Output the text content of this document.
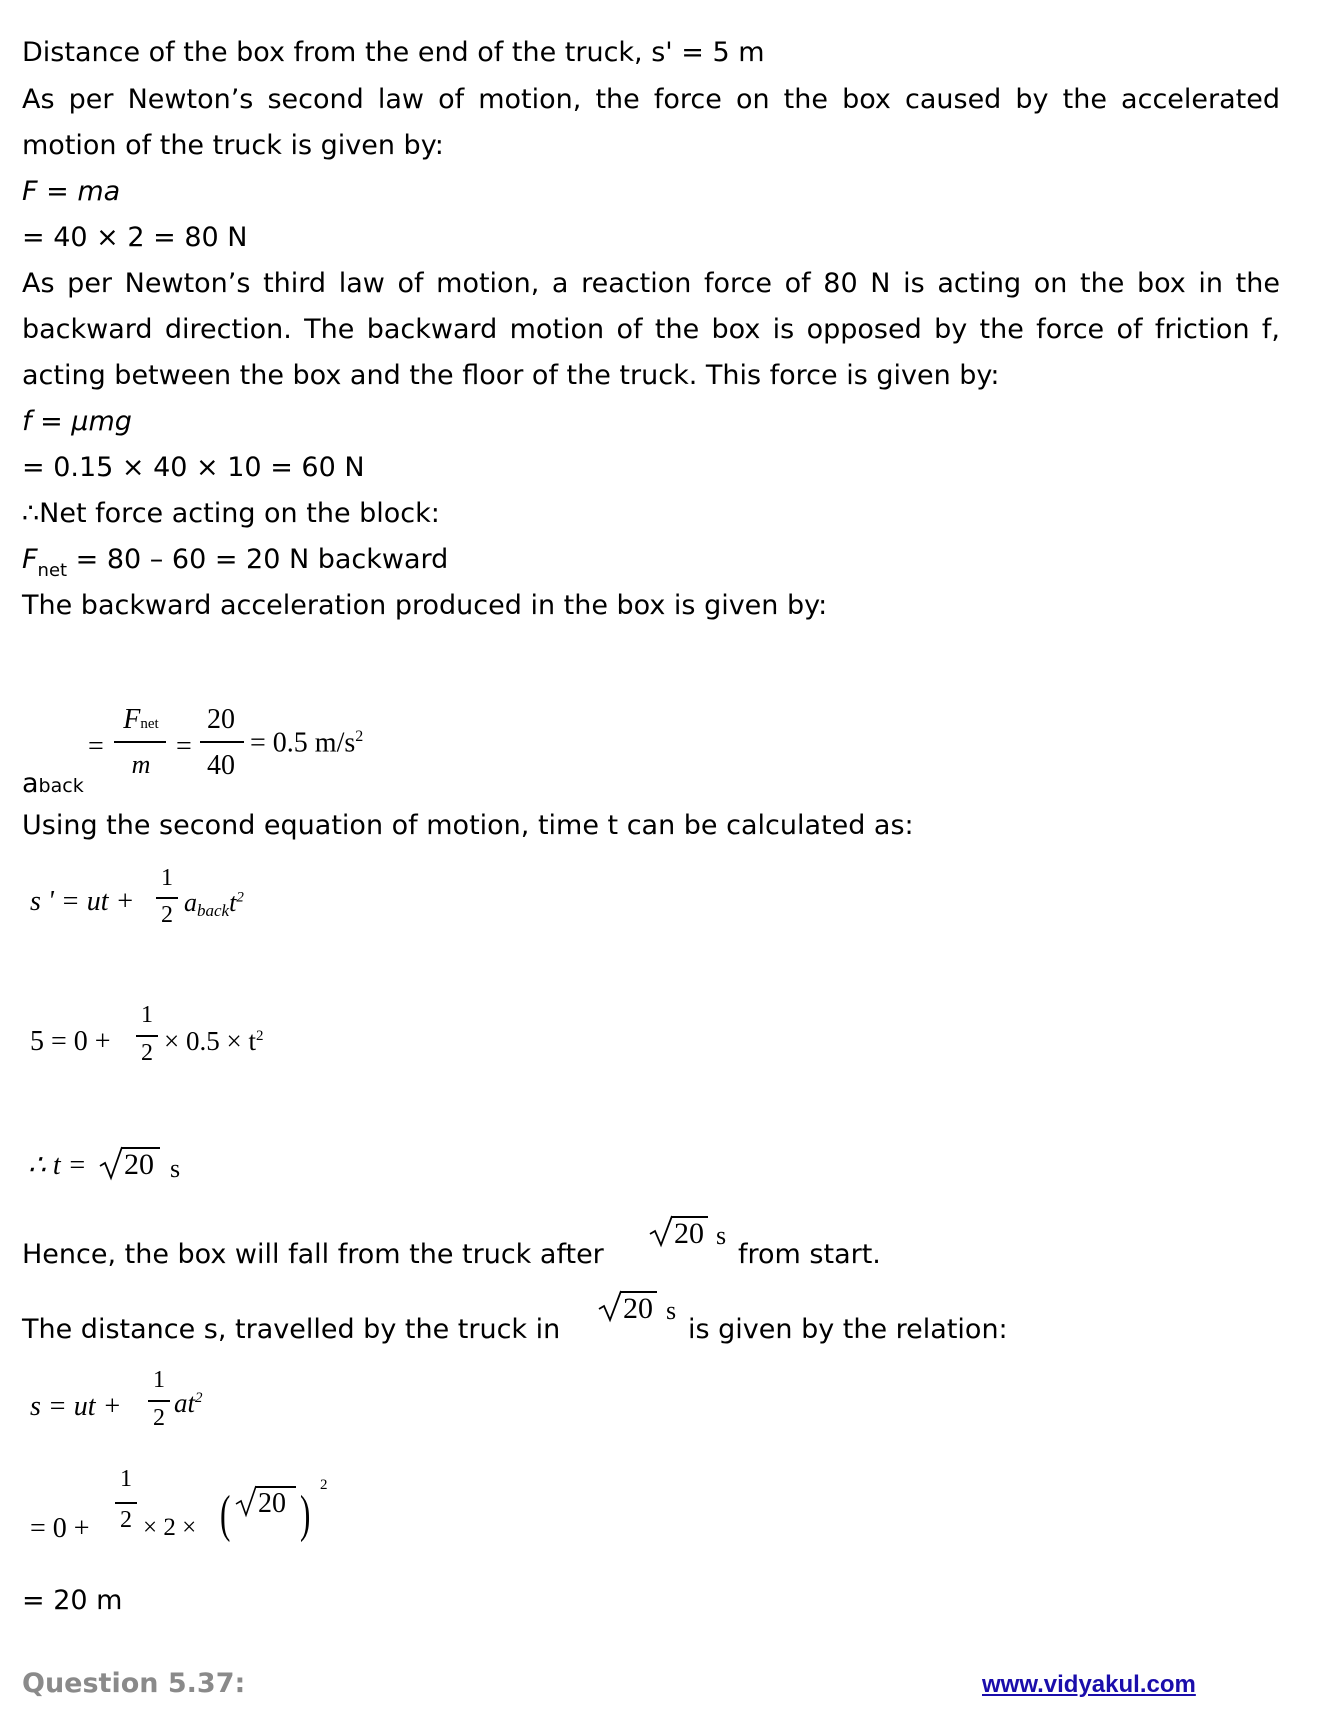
Distance of the box from the end of the truck, s' = 5 m
As per Newton’s second law of motion, the force on the box caused by the accelerated
motion of the truck is given by:
F = ma
= 40 × 2 = 80 N
As per Newton’s third law of motion, a reaction force of 80 N is acting on the box in the
backward direction. The backward motion of the box is opposed by the force of friction f,
acting between the box and the floor of the truck. This force is given by:
f = μmg
= 0.15 × 40 × 10 = 60 N
∴Net force acting on the block:
$F_{net} = 80 - 60 = 20$ N backward
The backward acceleration produced in the box is given by:
=
Fnet
m
=
20
40
= 0.5 $m/s^2$
aback
Using the second equation of motion, time t can be calculated as:
s ' = ut +
1
2 abackt$^2$
5 = 0 +
1
$2 \times 0.5 \times t^2$
∴ t = 20 s
Hence, the box will fall from the truck after
20 s
from start.
The distance s, travelled by the truck in
20 s
is given by the relation:
s = ut +
1
2 $at^2$
= 0 +
1
2 × 2 × ( 20 )
2
= 20 m
Question 5.37:	www.vidyakul.com
